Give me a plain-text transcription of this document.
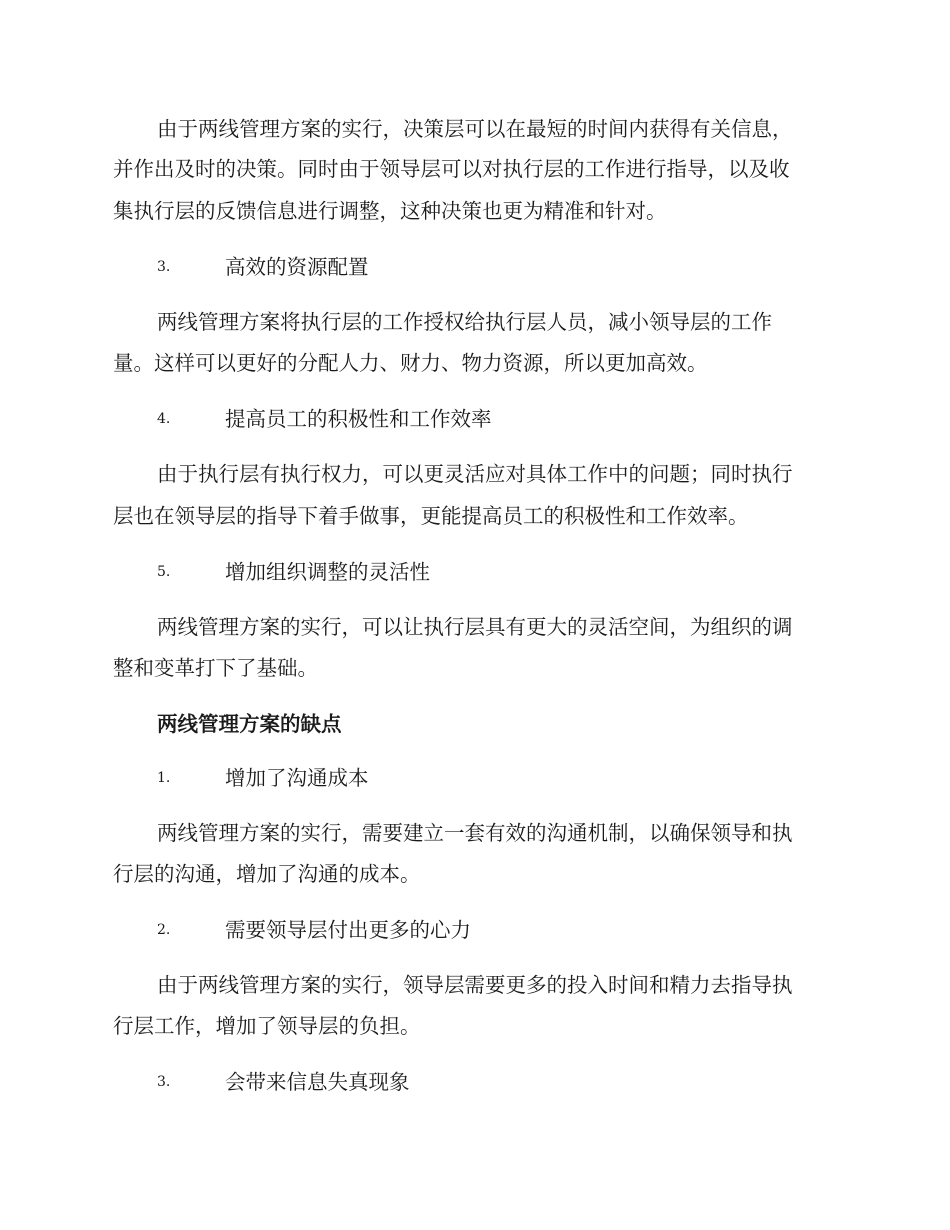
由于两线管理方案的实行，决策层可以在最短的时间内获得有关信息，
并作出及时的决策。同时由于领导层可以对执行层的工作进行指导，以及收
集执行层的反馈信息进行调整，这种决策也更为精准和针对。
3.	高效的资源配置
两线管理方案将执行层的工作授权给执行层人员，减小领导层的工作
量。这样可以更好的分配人力、财力、物力资源，所以更加高效。
4.	提高员工的积极性和工作效率
由于执行层有执行权力，可以更灵活应对具体工作中的问题；同时执行
层也在领导层的指导下着手做事，更能提高员工的积极性和工作效率。
5.	增加组织调整的灵活性
两线管理方案的实行，可以让执行层具有更大的灵活空间，为组织的调
整和变革打下了基础。
两线管理方案的缺点
1.	增加了沟通成本
两线管理方案的实行，需要建立一套有效的沟通机制，以确保领导和执
行层的沟通，增加了沟通的成本。
2.	需要领导层付出更多的心力
由于两线管理方案的实行，领导层需要更多的投入时间和精力去指导执
行层工作，增加了领导层的负担。
3.	会带来信息失真现象
